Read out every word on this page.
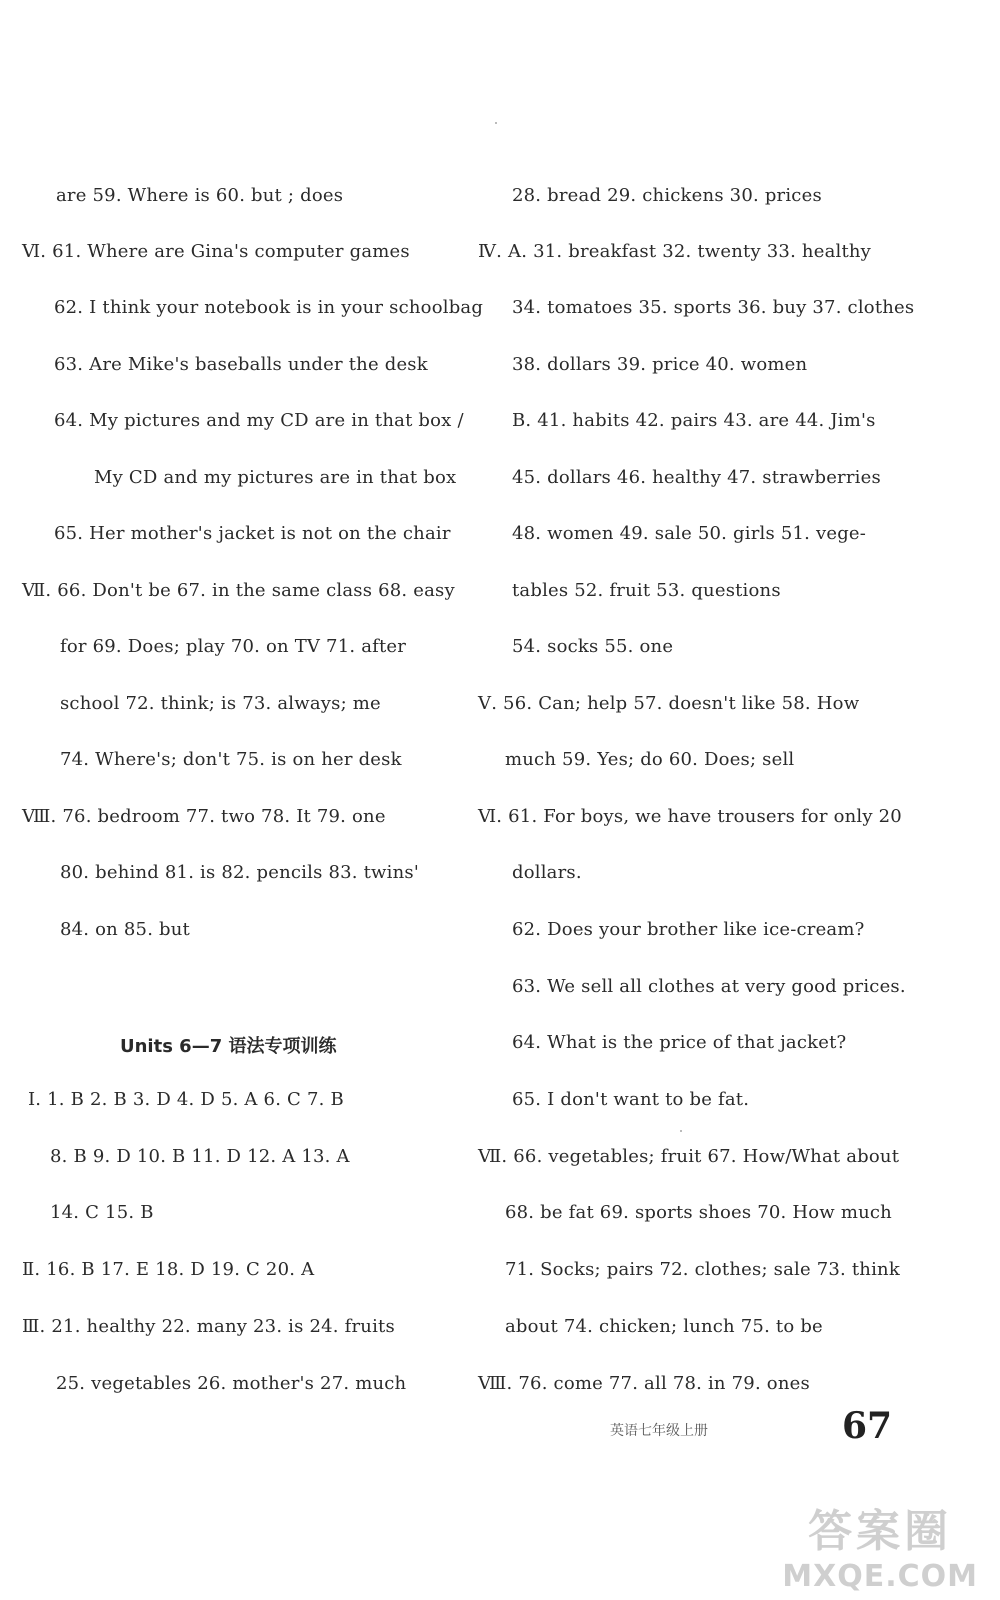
are 59. Where is 60. but ; does
Ⅵ. 61. Where are Gina's computer games
62. I think your notebook is in your schoolbag
63. Are Mike's baseballs under the desk
64. My pictures and my CD are in that box /
My CD and my pictures are in that box
65. Her mother's jacket is not on the chair
Ⅶ. 66. Don't be 67. in the same class 68. easy
for 69. Does; play 70. on TV 71. after
school 72. think; is 73. always; me
74. Where's; don't 75. is on her desk
Ⅷ. 76. bedroom 77. two 78. It 79. one
80. behind 81. is 82. pencils 83. twins'
84. on 85. but
Units 6—7 语法专项训练
Ⅰ. 1. B 2. B 3. D 4. D 5. A 6. C 7. B
8. B 9. D 10. B 11. D 12. A 13. A
14. C 15. B
Ⅱ. 16. B 17. E 18. D 19. C 20. A
Ⅲ. 21. healthy 22. many 23. is 24. fruits
25. vegetables 26. mother's 27. much
28. bread 29. chickens 30. prices
Ⅳ. A. 31. breakfast 32. twenty 33. healthy
34. tomatoes 35. sports 36. buy 37. clothes
38. dollars 39. price 40. women
B. 41. habits 42. pairs 43. are 44. Jim's
45. dollars 46. healthy 47. strawberries
48. women 49. sale 50. girls 51. vege-
tables 52. fruit 53. questions
54. socks 55. one
Ⅴ. 56. Can; help 57. doesn't like 58. How
much 59. Yes; do 60. Does; sell
Ⅵ. 61. For boys, we have trousers for only 20
dollars.
62. Does your brother like ice-cream?
63. We sell all clothes at very good prices.
64. What is the price of that jacket?
65. I don't want to be fat.
Ⅶ. 66. vegetables; fruit 67. How/What about
68. be fat 69. sports shoes 70. How much
71. Socks; pairs 72. clothes; sale 73. think
about 74. chicken; lunch 75. to be
Ⅷ. 76. come 77. all 78. in 79. ones
英语七年级上册	67
答案圈
MXQE.COM
